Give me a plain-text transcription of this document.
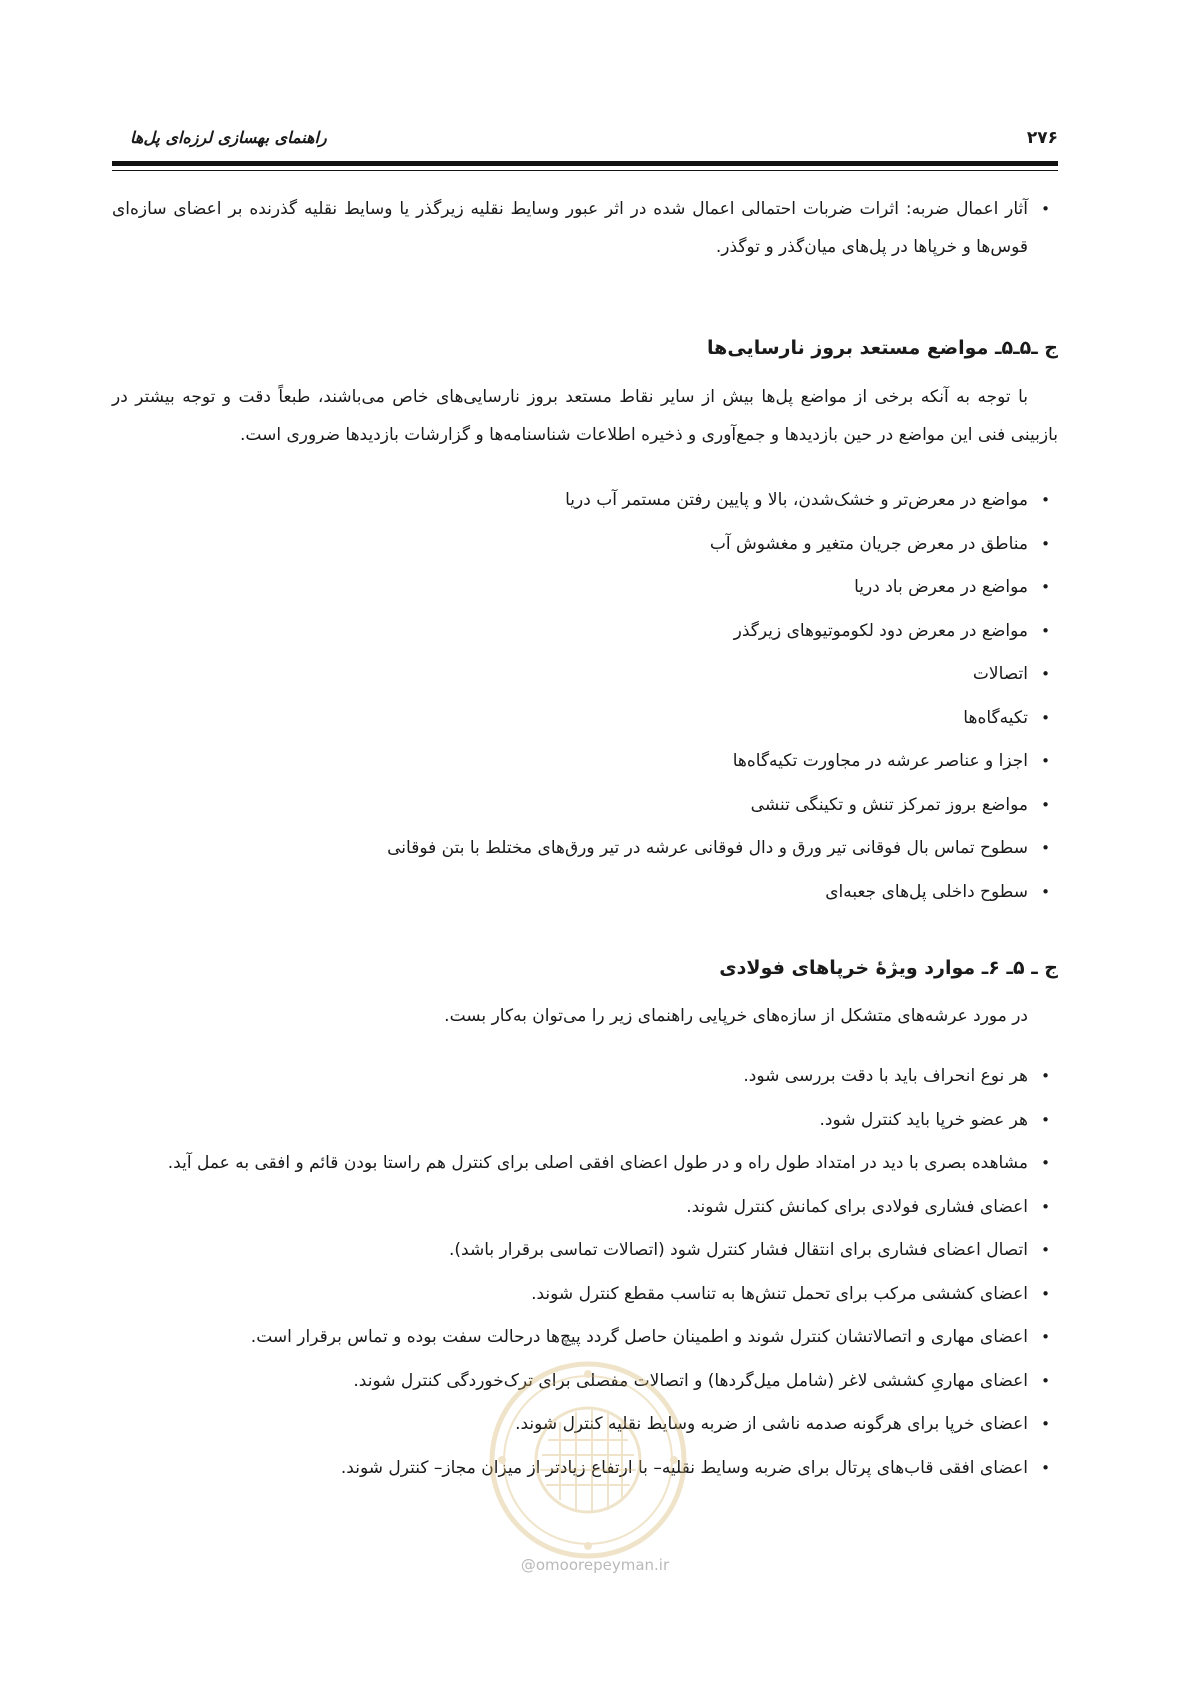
۲۷۶
راهنمای بهسازی لرزه‌ای پل‌ها
• آثار اعمال ضربه: اثرات ضربات احتمالی اعمال شده در اثر عبور وسایط نقلیه زیرگذر یا وسایط نقلیه گذرنده بر اعضای سازه‌ای قوس‌ها و خرپاها در پل‌های میان‌گذر و توگذر.
ج ـ۵ـ۵ـ مواضع مستعد بروز نارسایی‌ها

با توجه به آنکه برخی از مواضع پل‌ها بیش از سایر نقاط مستعد بروز نارسایی‌های خاص می‌باشند، طبعاً دقت و توجه بیشتر در بازبینی فنی این مواضع در حین بازدیدها و جمع‌آوری و ذخیره اطلاعات شناسنامه‌ها و گزارشات بازدیدها ضروری است.

• مواضع در معرض‌تر و خشک‌شدن، بالا و پایین رفتن مستمر آب دریا
• مناطق در معرض جریان متغیر و مغشوش آب
• مواضع در معرض باد دریا
• مواضع در معرض دود لکوموتیوهای زیرگذر
• اتصالات
• تکیه‌گاه‌ها
• اجزا و عناصر عرشه در مجاورت تکیه‌گاه‌ها
• مواضع بروز تمرکز تنش و تکینگی تنشی
• سطوح تماس بال فوقانی تیر ورق و دال فوقانی عرشه در تیر ورق‌های مختلط با بتن فوقانی
• سطوح داخلی پل‌های جعبه‌ای
ج ـ ۵ـ ۶ـ موارد ویژهٔ خرپاهای فولادی

در مورد عرشه‌های متشکل از سازه‌های خرپایی راهنمای زیر را می‌توان به‌کار بست.

• هر نوع انحراف باید با دقت بررسی شود.
• هر عضو خرپا باید کنترل شود.
• مشاهده بصری با دید در امتداد طول راه و در طول اعضای افقی اصلی برای کنترل هم راستا بودن قائم و افقی به عمل آید.
• اعضای فشاری فولادی برای کمانش کنترل شوند.
• اتصال اعضای فشاری برای انتقال فشار کنترل شود (اتصالات تماسی برقرار باشد).
• اعضای کششی مرکب برای تحمل تنش‌ها به تناسب مقطع کنترل شوند.
• اعضای مهاری و اتصالاتشان کنترل شوند و اطمینان حاصل گردد پیچ‌ها درحالت سفت بوده و تماس برقرار است.
• اعضای مهاریِ کششی لاغر (شامل میل‌گردها) و اتصالات مفصلی برای ترک‌خوردگی کنترل شوند.
• اعضای خرپا برای هرگونه صدمه ناشی از ضربه وسایط نقلیه کنترل شوند.
• اعضای افقی قاب‌های پرتال برای ضربه وسایط نقلیه– با ارتفاع زیادتر از میزان مجاز– کنترل شوند.
@omoorepeyman.ir
